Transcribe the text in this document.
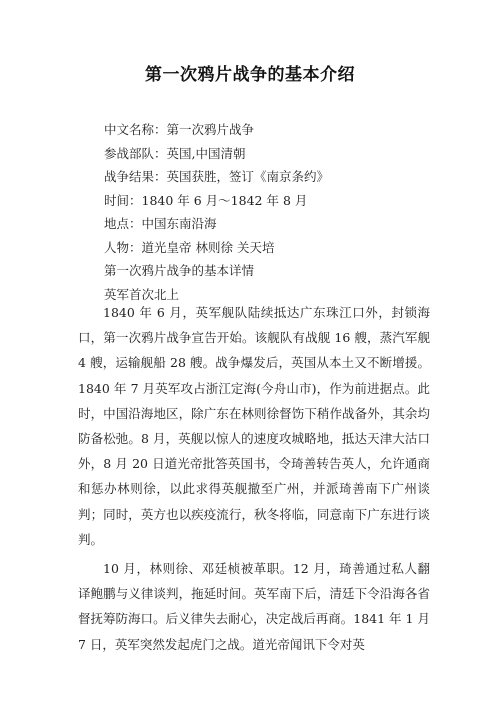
第一次鸦片战争的基本介绍
中文名称：第一次鸦片战争
参战部队：英国,中国清朝
战争结果：英国获胜，签订《南京条约》
时间：1840 年 6 月～1842 年 8 月
地点：中国东南沿海
人物：道光皇帝 林则徐 关天培
第一次鸦片战争的基本详情
英军首次北上

1840 年 6 月，英军舰队陆续抵达广东珠江口外，封锁海口，第一次鸦片战争宣告开始。该舰队有战舰 16 艘，蒸汽军舰 4 艘，运输舰船 28 艘。战争爆发后，英国从本土又不断增援。1840 年 7 月英军攻占浙江定海(今舟山市)，作为前进据点。此时，中国沿海地区，除广东在林则徐督饬下稍作战备外，其余均防备松弛。8 月，英舰以惊人的速度攻城略地，抵达天津大沽口外，8 月 20 日道光帝批答英国书，令琦善转告英人，允许通商和惩办林则徐，以此求得英舰撤至广州，并派琦善南下广州谈判；同时，英方也以疾疫流行，秋冬将临，同意南下广东进行谈判。

10 月，林则徐、邓廷桢被革职。12 月，琦善通过私人翻译鲍鹏与义律谈判，拖延时间。英军南下后，清廷下令沿海各省督抚筹防海口。后义律失去耐心，决定战后再商。1841 年 1 月 7 日，英军突然发起虎门之战。道光帝闻讯下令对英
